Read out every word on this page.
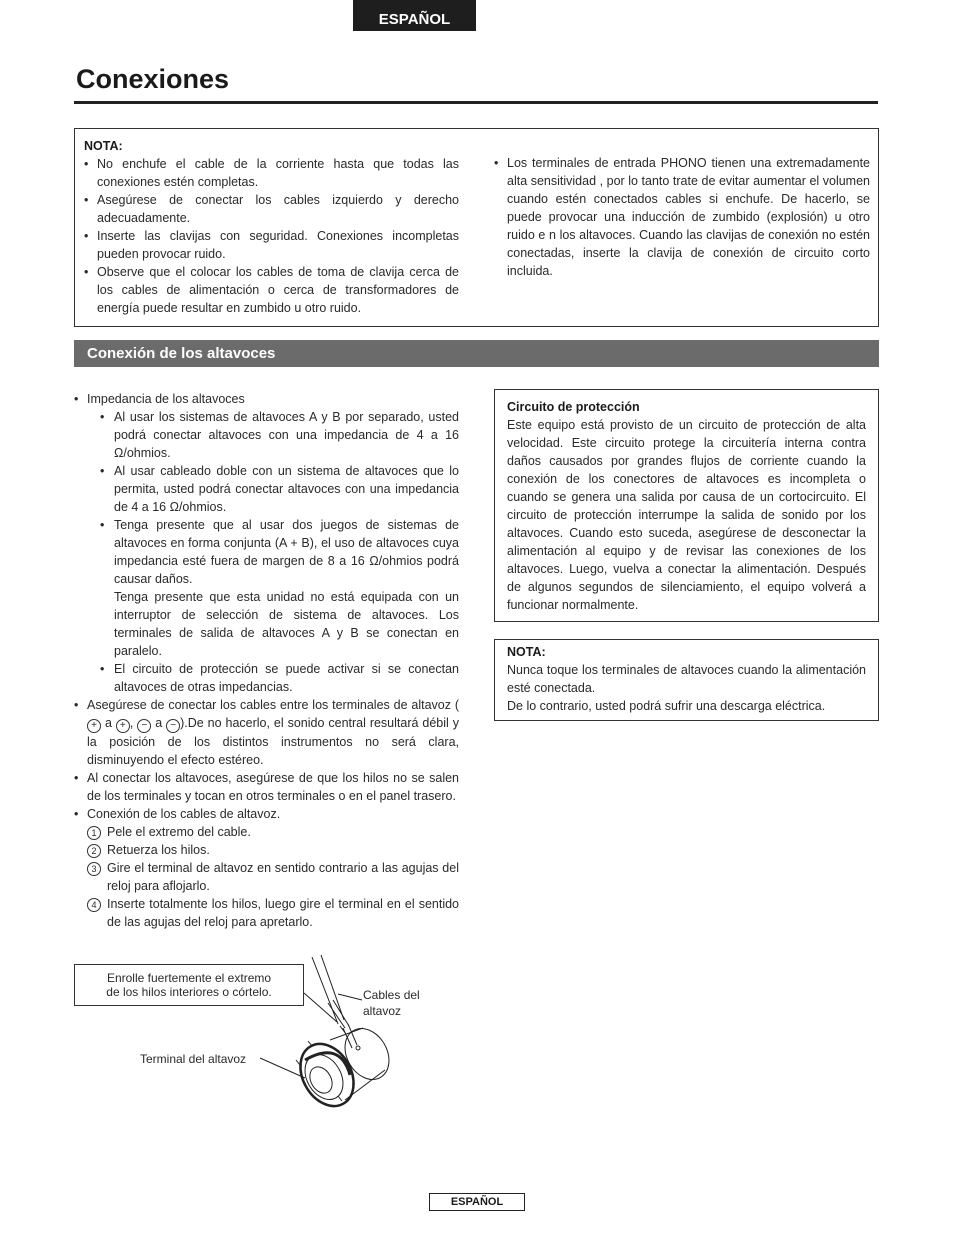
ESPAÑOL
Conexiones
NOTA:
• No enchufe el cable de la corriente hasta que todas las conexiones estén completas.
• Asegúrese de conectar los cables izquierdo y derecho adecuadamente.
• Inserte las clavijas con seguridad. Conexiones incompletas pueden provocar ruido.
• Observe que el colocar los cables de toma de clavija cerca de los cables de alimentación o cerca de transformadores de energía puede resultar en zumbido u otro ruido.
• Los terminales de entrada PHONO tienen una extremadamente alta sensitividad , por lo tanto trate de evitar aumentar el volumen cuando estén conectados cables si enchufe. De hacerlo, se puede provocar una inducción de zumbido (explosión) u otro ruido e n los altavoces. Cuando las clavijas de conexión no estén conectadas, inserte la clavija de conexión de circuito corto incluida.
Conexión de los altavoces
• Impedancia de los altavoces
• Al usar los sistemas de altavoces A y B por separado, usted podrá conectar altavoces con una impedancia de 4 a 16 Ω/ohmios.
• Al usar cableado doble con un sistema de altavoces que lo permita, usted podrá conectar altavoces con una impedancia de 4 a 16 Ω/ohmios.
• Tenga presente que al usar dos juegos de sistemas de altavoces en forma conjunta (A + B), el uso de altavoces cuya impedancia esté fuera de margen de 8 a 16 Ω/ohmios podrá causar daños.
Tenga presente que esta unidad no está equipada con un interruptor de selección de sistema de altavoces. Los terminales de salida de altavoces A y B se conectan en paralelo.
• El circuito de protección se puede activar si se conectan altavoces de otras impedancias.
• Asegúrese de conectar los cables entre los terminales de altavoz (+ a + , − a − ).De no hacerlo, el sonido central resultará débil y la posición de los distintos instrumentos no será clara, disminuyendo el efecto estéreo.
• Al conectar los altavoces, asegúrese de que los hilos no se salen de los terminales y tocan en otros terminales o en el panel trasero.
• Conexión de los cables de altavoz.
1 Pele el extremo del cable.
2 Retuerza los hilos.
3 Gire el terminal de altavoz en sentido contrario a las agujas del reloj para aflojarlo.
4 Inserte totalmente los hilos, luego gire el terminal en el sentido de las agujas del reloj para apretarlo.
Circuito de protección
Este equipo está provisto de un circuito de protección de alta velocidad. Este circuito protege la circuitería interna contra daños causados por grandes flujos de corriente cuando la conexión de los conectores de altavoces es incompleta o cuando se genera una salida por causa de un cortocircuito. El circuito de protección interrumpe la salida de sonido por los altavoces. Cuando esto suceda, asegúrese de desconectar la alimentación al equipo y de revisar las conexiones de los altavoces. Luego, vuelva a conectar la alimentación. Después de algunos segundos de silenciamiento, el equipo volverá a funcionar normalmente.
NOTA:
Nunca toque los terminales de altavoces cuando la alimentación esté conectada.
De lo contrario, usted podrá sufrir una descarga eléctrica.
Enrolle fuertemente el extremo
de los hilos interiores o córtelo.	Cables del
altavoz
Terminal del altavoz
ESPAÑOL
